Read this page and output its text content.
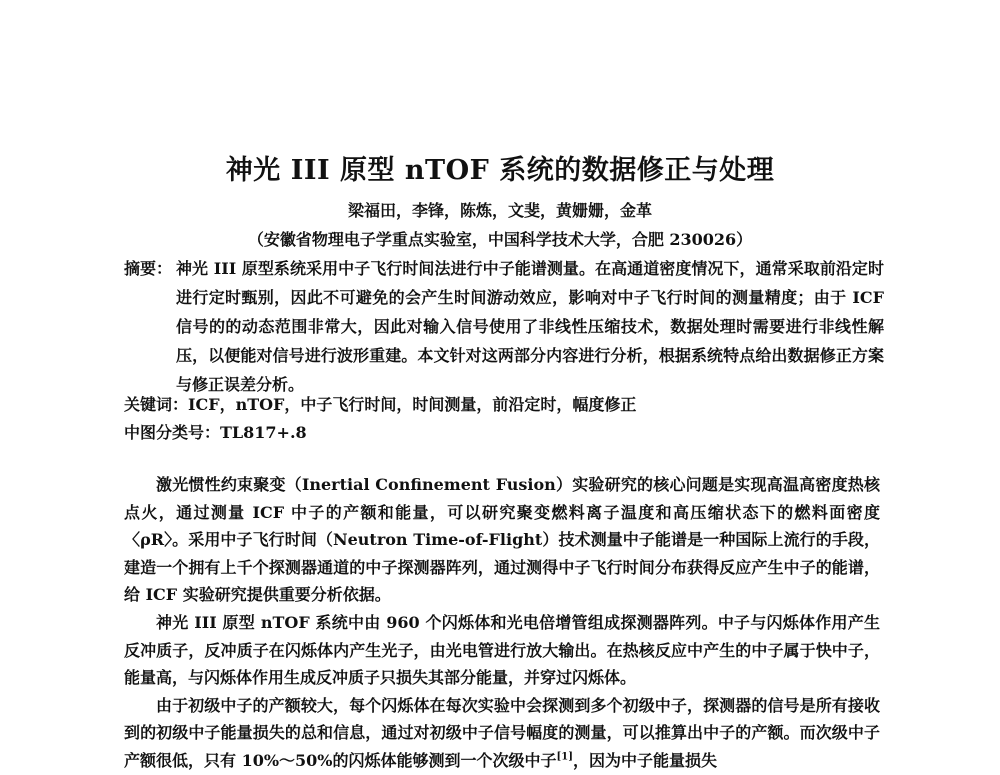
神光 III 原型 nTOF 系统的数据修正与处理
梁福田，李锋，陈炼，文斐，黄姗姗，金革
（安徽省物理电子学重点实验室，中国科学技术大学，合肥 230026）
摘要： 神光 III 原型系统采用中子飞行时间法进行中子能谱测量。在高通道密度情况下，通常采取前沿定时进行定时甄别，因此不可避免的会产生时间游动效应，影响对中子飞行时间的测量精度；由于 ICF 信号的的动态范围非常大，因此对输入信号使用了非线性压缩技术，数据处理时需要进行非线性解压，以便能对信号进行波形重建。本文针对这两部分内容进行分析，根据系统特点给出数据修正方案与修正误差分析。
关键词：ICF，nTOF，中子飞行时间，时间测量，前沿定时，幅度修正
中图分类号：TL817+.8

激光惯性约束聚变（Inertial Confinement Fusion）实验研究的核心问题是实现高温高密度热核点火，通过测量 ICF 中子的产额和能量，可以研究聚变燃料离子温度和高压缩状态下的燃料面密度〈ρR〉。采用中子飞行时间（Neutron Time-of-Flight）技术测量中子能谱是一种国际上流行的手段，建造一个拥有上千个探测器通道的中子探测器阵列，通过测得中子飞行时间分布获得反应产生中子的能谱，给 ICF 实验研究提供重要分析依据。

神光 III 原型 nTOF 系统中由 960 个闪烁体和光电倍增管组成探测器阵列。中子与闪烁体作用产生反冲质子，反冲质子在闪烁体内产生光子，由光电管进行放大输出。在热核反应中产生的中子属于快中子，能量高，与闪烁体作用生成反冲质子只损失其部分能量，并穿过闪烁体。

由于初级中子的产额较大，每个闪烁体在每次实验中会探测到多个初级中子，探测器的信号是所有接收到的初级中子能量损失的总和信息，通过对初级中子信号幅度的测量，可以推算出中子的产额。而次级中子产额很低，只有 10%～50%的闪烁体能够测到一个次级中子[1]，因为中子能量损失
